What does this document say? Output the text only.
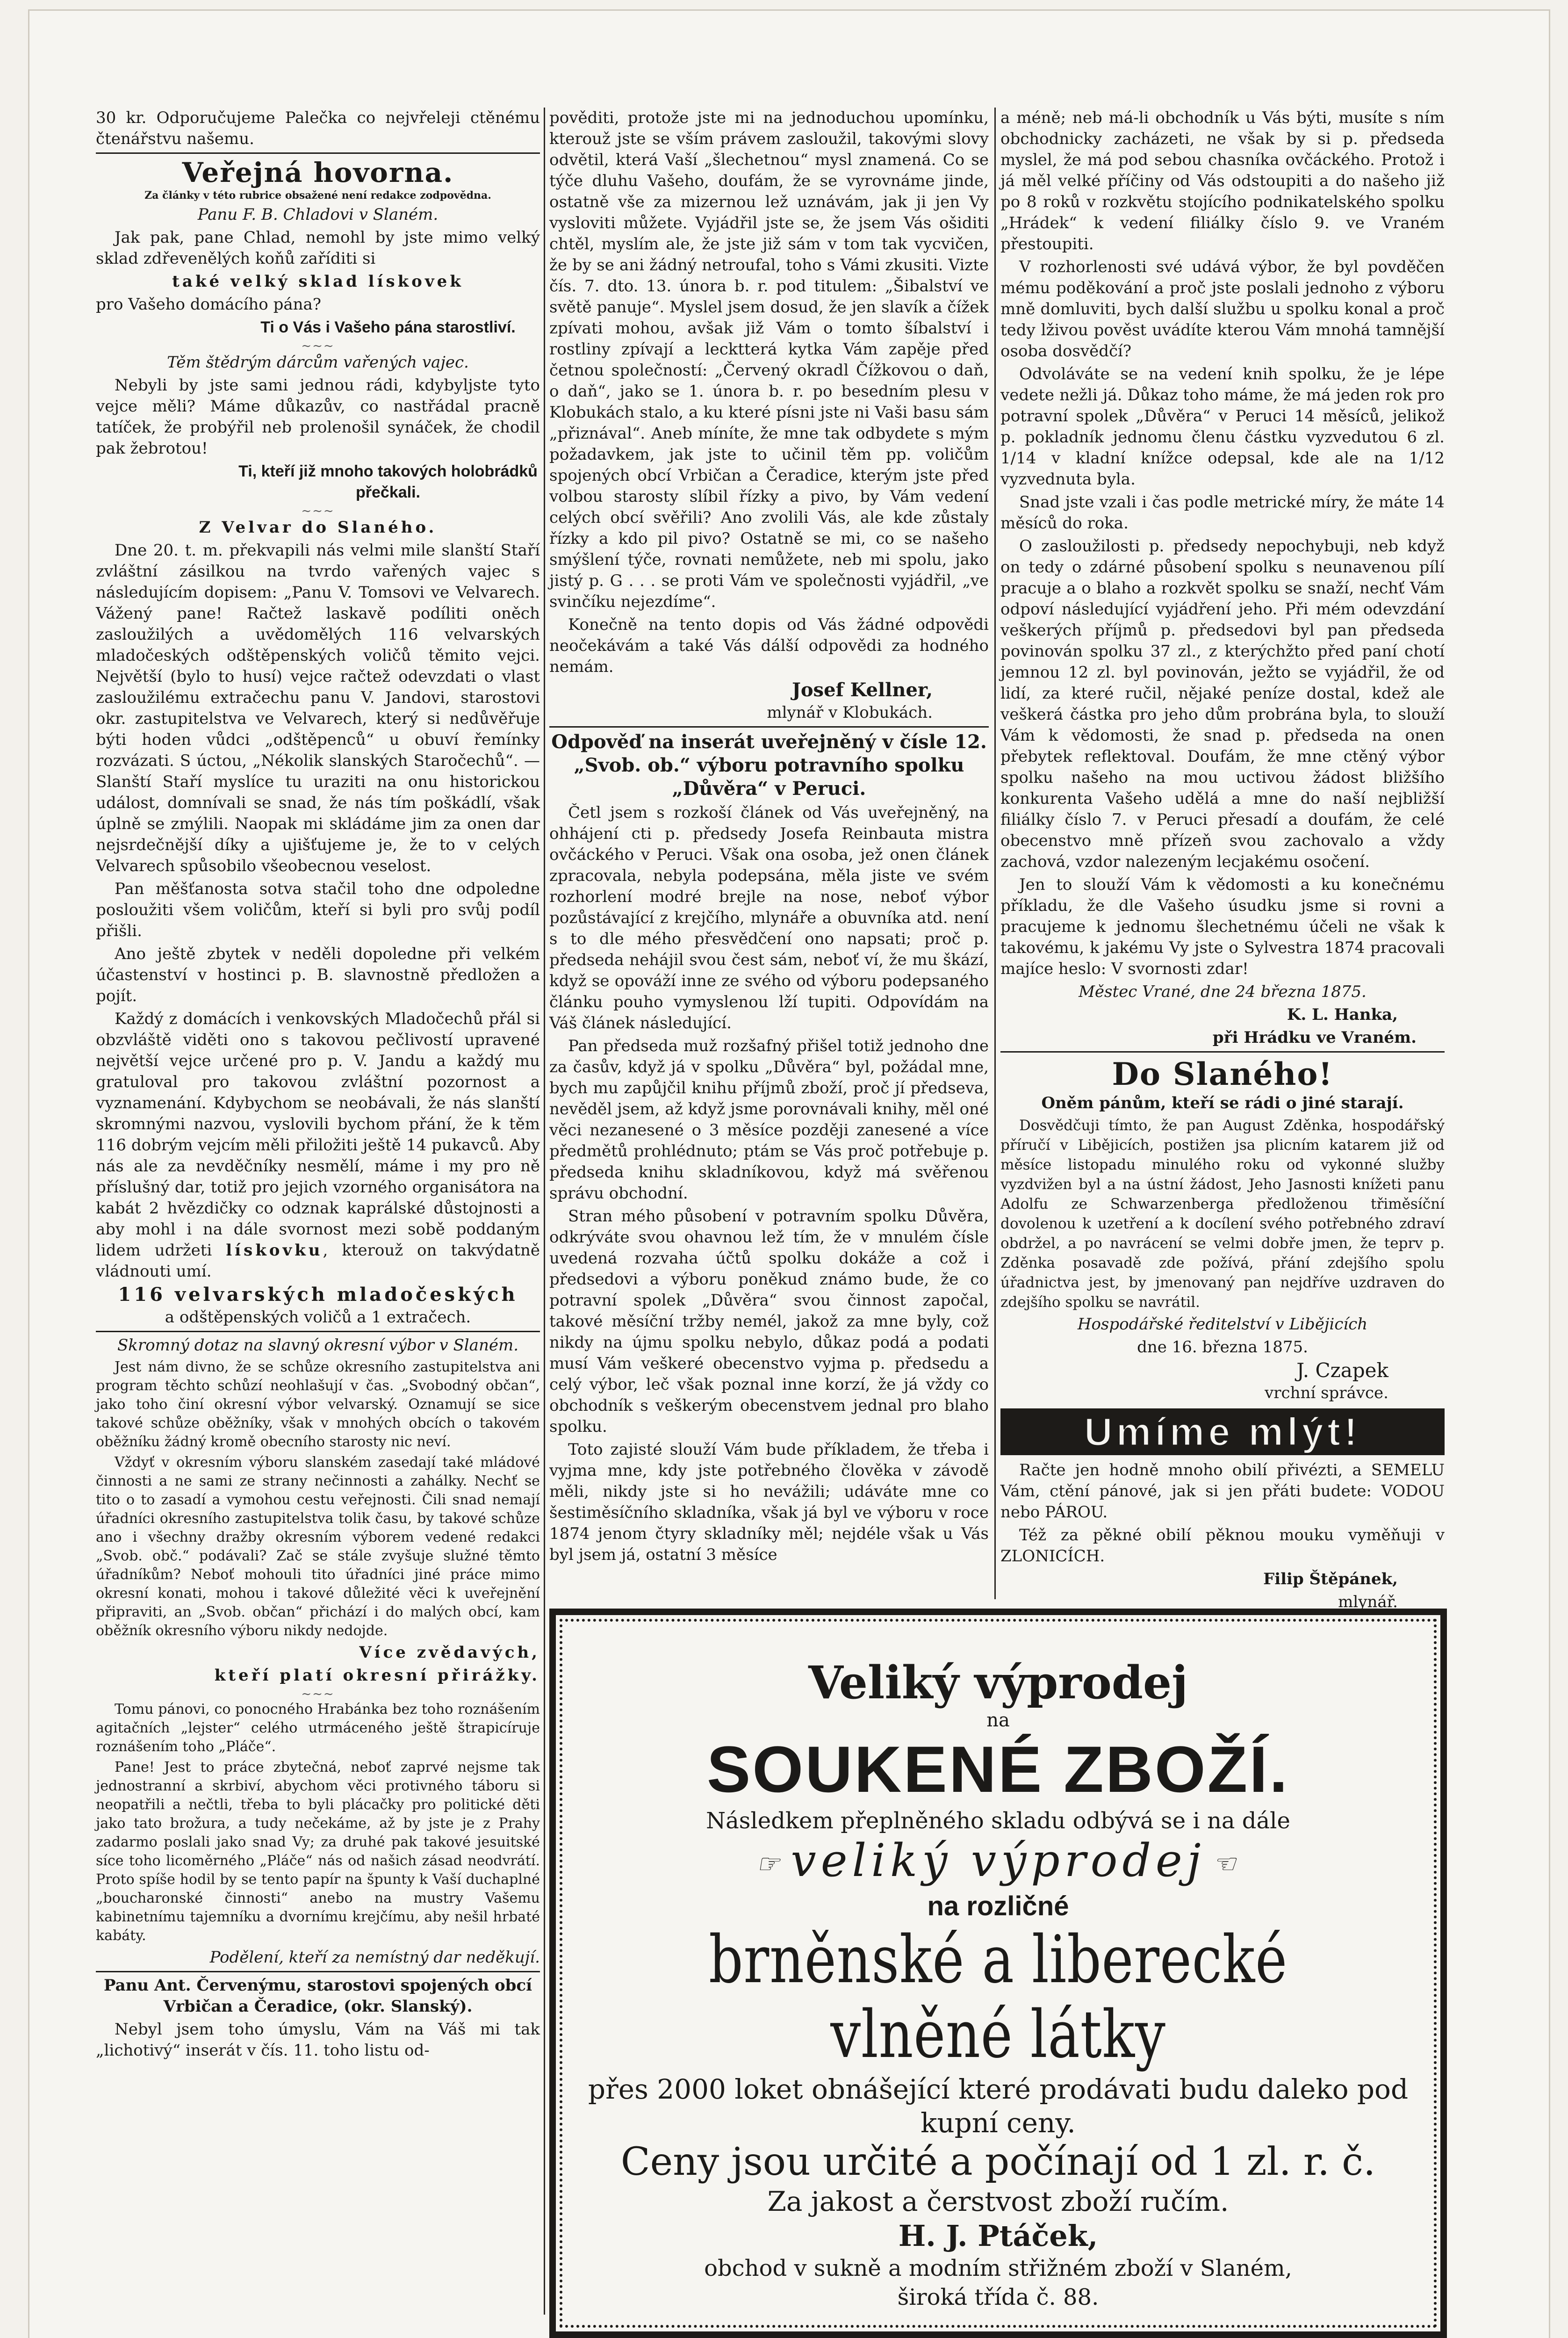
30 kr. Odporučujeme Palečka co nejvřeleji ctěnému čtenářstvu našemu.

Veřejná hovorna.

Za články v této rubrice obsažené není redakce zodpovědna.

Panu F. B. Chladovi v Slaném.

Jak pak, pane Chlad, nemohl by jste mimo velký sklad zdřevenělých koňů zaříditi si

také velký sklad lískovek

pro Vašeho domácího pána?

Ti o Vás i Vašeho pána starostliví.

~~~

Těm štědrým dárcům vařených vajec.

Nebyli by jste sami jednou rádi, kdybyljste tyto vejce měli? Máme důkazův, co nastřádal pracně tatíček, že probýřil neb prolenošil synáček, že chodil pak žebrotou!

Ti, kteří již mnoho takových holobrádků přečkali.

~~~

Z Velvar do Slaného.

Dne 20. t. m. překvapili nás velmi mile slanští Staří zvláštní zásilkou na tvrdo vařených vajec s následujícím dopisem: „Panu V. Tomsovi ve Velvarech. Vážený pane! Račtež laskavě podíliti oněch zasloužilých a uvědomělých 116 velvarských mladočeských odštěpenských voličů těmito vejci. Největší (bylo to husí) vejce račtež odevzdati o vlast zasloužilému extračechu panu V. Jandovi, starostovi okr. zastupitelstva ve Velvarech, který si nedůvěřuje býti hoden vůdci „odštěpenců“ u obuví řemínky rozvázati. S úctou, „Nékolik slanských Staročechů“. — Slanští Staří myslíce tu uraziti na onu historickou událost, domnívali se snad, že nás tím poškádlí, však úplně se zmýlili. Naopak mi skládáme jim za onen dar nejsrdečnější díky a ujišťujeme je, že to v celých Velvarech spůsobilo všeobecnou veselost.

Pan měšťanosta sotva stačil toho dne odpoledne posloužiti všem voličům, kteří si byli pro svůj podíl přišli.

Ano ještě zbytek v neděli dopoledne při velkém účastenství v hostinci p. B. slavnostně předložen a pojít.

Každý z domácích i venkovských Mladočechů přál si obzvláště viděti ono s takovou pečlivostí upravené největší vejce určené pro p. V. Jandu a každý mu gratuloval pro takovou zvláštní pozornost a vyznamenání. Kdybychom se neobávali, že nás slanští skromnými nazvou, vyslovili bychom přání, že k těm 116 dobrým vejcím měli přiložiti ještě 14 pukavců. Aby nás ale za nevděčníky nesmělí, máme i my pro ně příslušný dar, totiž pro jejich vzorného organisátora na kabát 2 hvězdičky co odznak kaprálské důstojnosti a aby mohl i na dále svornost mezi sobě poddaným lidem udržeti lískovku, kterouž on takvýdatně vládnouti umí.

116 velvarských mladočeských

a odštěpenských voličů a 1 extračech.

Skromný dotaz na slavný okresní výbor v Slaném.

Jest nám divno, že se schůze okresního zastupitelstva ani program těchto schůzí neohlašují v čas. „Svobodný občan“, jako toho činí okresní výbor velvarský. Oznamují se sice takové schůze oběžníky, však v mnohých obcích o takovém oběžníku žádný kromě obecního starosty nic neví.

Vždyť v okresním výboru slanském zasedají také mládové činnosti a ne sami ze strany nečinnosti a zahálky. Nechť se tito o to zasadí a vymohou cestu veřejnosti. Čili snad nemají úřadníci okresního zastupitelstva tolik času, by takové schůze ano i všechny dražby okresním výborem vedené redakci „Svob. obč.“ podávali? Zač se stále zvyšuje služné těmto úřadníkům? Neboť mohouli tito úřadníci jiné práce mimo okresní konati, mohou i takové důležité věci k uveřejnění připraviti, an „Svob. občan“ přichází i do malých obcí, kam oběžník okresního výboru nikdy nedojde.

Více zvědavých,

kteří platí okresní přirážky.

~~~

Tomu pánovi, co ponocného Hrabánka bez toho roznášením agitačních „lejster“ celého utrmáceného ještě štrapicíruje roznášením toho „Pláče“.

Pane! Jest to práce zbytečná, neboť zaprvé nejsme tak jednostranní a skrbiví, abychom věci protivného táboru si neopatřili a nečtli, třeba to byli plácačky pro politické děti jako tato brožura, a tudy nečekáme, až by jste je z Prahy zadarmo poslali jako snad Vy; za druhé pak takové jesuitské síce toho licoměrného „Pláče“ nás od našich zásad neodvrátí. Proto spíše hodil by se tento papír na špunty k Vaší duchaplné „boucharonské činnosti“ anebo na mustry Vašemu kabinetnímu tajemníku a dvornímu krejčímu, aby nešil hrbaté kabáty.

Podělení, kteří za nemístný dar neděkují.

Panu Ant. Červenýmu, starostovi spojených obcí Vrbičan a Čeradice, (okr. Slanský).

Nebyl jsem toho úmyslu, Vám na Váš mi tak „lichotivý“ inserát v čís. 11. toho listu od-

pověditi, protože jste mi na jednoduchou upomínku, kterouž jste se vším právem zasloužil, takovými slovy odvětil, která Vaší „šlechetnou“ mysl znamená. Co se týče dluhu Vašeho, doufám, že se vyrovnáme jinde, ostatně vše za mizernou lež uznávám, jak ji jen Vy vysloviti můžete. Vyjádřil jste se, že jsem Vás ošiditi chtěl, myslím ale, že jste již sám v tom tak vycvičen, že by se ani žádný netroufal, toho s Vámi zkusiti. Vizte čís. 7. dto. 13. února b. r. pod titulem: „Šibalství ve světě panuje“. Myslel jsem dosud, že jen slavík a čížek zpívati mohou, avšak již Vám o tomto šíbalství i rostliny zpívají a lecktterá kytka Vám zapěje před četnou společností: „Červený okradl Čížkovou o daň, o daň“, jako se 1. února b. r. po besedním plesu v Klobukách stalo, a ku které písni jste ni Vaši basu sám „přiznával“. Aneb míníte, že mne tak odbydete s mým požadavkem, jak jste to učinil těm pp. voličům spojených obcí Vrbičan a Čeradice, kterým jste před volbou starosty slíbil řízky a pivo, by Vám vedení celých obcí svěřili? Ano zvolili Vás, ale kde zůstaly řízky a kdo pil pivo? Ostatně se mi, co se našeho smýšlení týče, rovnati nemůžete, neb mi spolu, jako jistý p. G . . . se proti Vám ve společnosti vyjádřil, „ve svinčíku nejezdíme“.

Konečně na tento dopis od Vás žádné odpovědi neočekávám a také Vás dálší odpovědi za hodného nemám.

Josef Kellner,

mlynář v Klobukách.

Odpověď na inserát uveřejněný v čísle 12. „Svob. ob.“ výboru potravního spolku „Důvěra“ v Peruci.

Četl jsem s rozkoší článek od Vás uveřejněný, na ohhájení cti p. předsedy Josefa Reinbauta mistra ovčáckého v Peruci. Však ona osoba, jež onen článek zpracovala, nebyla podepsána, měla jiste ve svém rozhorlení modré brejle na nose, neboť výbor pozůstávající z krejčího, mlynáře a obuvníka atd. není s to dle mého přesvědčení ono napsati; proč p. předseda nehájil svou čest sám, neboť ví, že mu škází, když se opováží inne ze svého od výboru podepsaného článku pouho vymyslenou lží tupiti. Odpovídám na Váš článek následující.

Pan předseda muž rozšafný přišel totiž jednoho dne za časův, když já v spolku „Důvěra“ byl, požádal mne, bych mu zapůjčil knihu příjmů zboží, proč jí předseva, nevěděl jsem, až když jsme porovnávali knihy, měl oné věci nezanesené o 3 měsíce později zanesené a více předmětů prohlédnuto; ptám se Vás proč potřebuje p. předseda knihu skladníkovou, když má svěřenou správu obchodní.

Stran mého působení v potravním spolku Důvěra, odkrýváte svou ohavnou lež tím, že v mnulém čísle uvedená rozvaha účtů spolku dokáže a což i předsedovi a výboru poněkud známo bude, že co potravní spolek „Důvěra“ svou činnost započal, takové měsíční tržby nemél, jakož za mne byly, což nikdy na újmu spolku nebylo, důkaz podá a podati musí Vám veškeré obecenstvo vyjma p. předsedu a celý výbor, leč však poznal inne korzí, že já vždy co obchodník s veškerým obecenstvem jednal pro blaho spolku.

Toto zajisté slouží Vám bude příkladem, že třeba i vyjma mne, kdy jste potřebného člověka v závodě měli, nikdy jste si ho nevážili; udáváte mne co šestiměsíčního skladníka, však já byl ve výboru v roce 1874 jenom čtyry skladníky měl; nejdéle však u Vás byl jsem já, ostatní 3 měsíce

a méně; neb má-li obchodník u Vás býti, musíte s ním obchodnicky zacházeti, ne však by si p. předseda myslel, že má pod sebou chasníka ovčáckého. Protož i já měl velké příčiny od Vás odstoupiti a do našeho již po 8 roků v rozkvětu stojícího podnikatelského spolku „Hrádek“ k vedení filiálky číslo 9. ve Vraném přestoupiti.

V rozhorlenosti své udává výbor, že byl povděčen mému poděkování a proč jste poslali jednoho z výboru mně domluviti, bych další službu u spolku konal a proč tedy lživou pověst uvádíte kterou Vám mnohá tamnější osoba dosvědčí?

Odvoláváte se na vedení knih spolku, že je lépe vedete nežli já. Důkaz toho máme, že má jeden rok pro potravní spolek „Důvěra“ v Peruci 14 měsíců, jelikož p. pokladník jednomu členu částku vyzvedutou 6 zl. 1/14 v kladní knížce odepsal, kde ale na 1/12 vyzvednuta byla.

Snad jste vzali i čas podle metrické míry, že máte 14 měsíců do roka.

O zasloužilosti p. předsedy nepochybuji, neb když on tedy o zdárné působení spolku s neunavenou pílí pracuje a o blaho a rozkvět spolku se snaží, nechť Vám odpoví následující vyjádření jeho. Při mém odevzdání veškerých příjmů p. předsedovi byl pan předseda povinován spolku 37 zl., z kterýchžto před paní chotí jemnou 12 zl. byl povinován, ježto se vyjádřil, že od lidí, za které ručil, nějaké peníze dostal, kdež ale veškerá částka pro jeho dům probrána byla, to slouží Vám k vědomosti, že snad p. předseda na onen přebytek reflektoval. Doufám, že mne ctěný výbor spolku našeho na mou uctivou žádost bližšího konkurenta Vašeho udělá a mne do naší nejbližší filiálky číslo 7. v Peruci přesadí a doufám, že celé obecenstvo mně přízeň svou zachovalo a vždy zachová, vzdor nalezeným lecjakému osočení.

Jen to slouží Vám k vědomosti a ku konečnému příkladu, že dle Vašeho úsudku jsme si rovni a pracujeme k jednomu šlechetnému účeli ne však k takovému, k jakému Vy jste o Sylvestra 1874 pracovali majíce heslo: V svornosti zdar!

Městec Vrané, dne 24 března 1875.

K. L. Hanka,

při Hrádku ve Vraném.

Do Slaného!

Oněm pánům, kteří se rádi o jiné starají.

Dosvědčuji tímto, že pan August Zděnka, hospodářský příručí v Libějicích, postižen jsa plicním katarem již od měsíce listopadu minulého roku od vykonné služby vyzdvižen byl a na ústní žádost, Jeho Jasnosti knížeti panu Adolfu ze Schwarzenberga předloženou třiměsíční dovolenou k uzetření a k docílení svého potřebného zdraví obdržel, a po navrácení se velmi dobře jmen, že teprv p. Zděnka posavadě zde požívá, přání zdejšího spolu úřadnictva jest, by jmenovaný pan nejdříve uzdraven do zdejšího spolku se navrátil.

Hospodářské ředitelství v Libějicích

dne 16. března 1875.

J. Czapek

vrchní správce.

Umíme mlýt!

Račte jen hodně mnoho obilí přivézti, a SEMELU Vám, ctění pánové, jak si jen přáti budete: VODOU nebo PÁROU.

Též za pěkné obilí pěknou mouku vyměňuji v ZLONICÍCH.

Filip Štěpánek,

mlynář.

Veliký výprodej
na
SOUKENÉ ZBOŽÍ.
Následkem přeplněného skladu odbývá se i na dále
☞ veliký výprodej ☜
na rozličné
brněnské a liberecké vlněné látky
přes 2000 loket obnášející které prodávati budu daleko pod kupní ceny.
Ceny jsou určité a počínají od 1 zl. r. č.
Za jakost a čerstvost zboží ručím.
H. J. Ptáček,
obchod v sukně a modním střižném zboží v Slaném,
široká třída č. 88.
